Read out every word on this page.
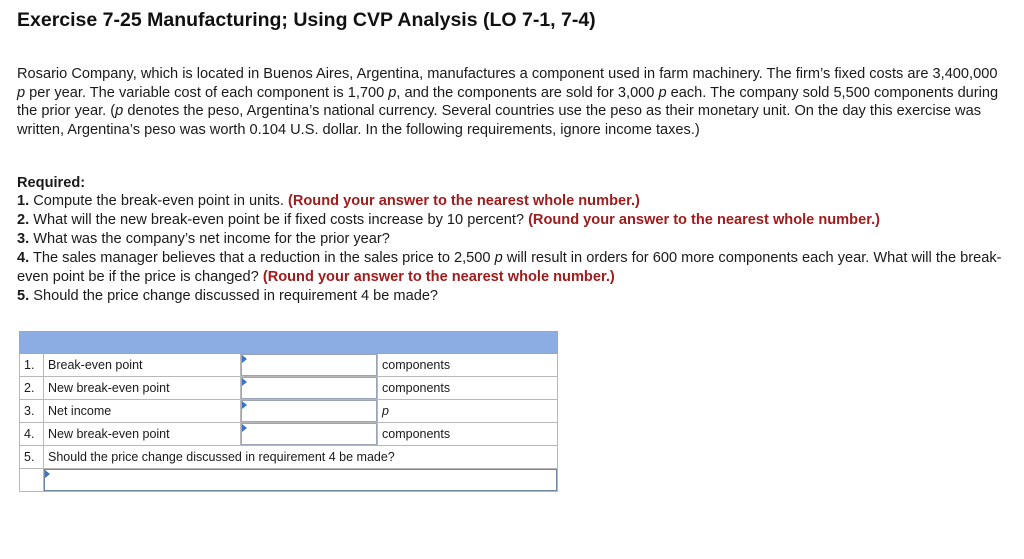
Exercise 7-25 Manufacturing; Using CVP Analysis (LO 7-1, 7-4)
Rosario Company, which is located in Buenos Aires, Argentina, manufactures a component used in farm machinery. The firm’s fixed costs are 3,400,000 p per year. The variable cost of each component is 1,700 p, and the components are sold for 3,000 p each. The company sold 5,500 components during the prior year. (p denotes the peso, Argentina’s national currency. Several countries use the peso as their monetary unit. On the day this exercise was written, Argentina’s peso was worth 0.104 U.S. dollar. In the following requirements, ignore income taxes.)
Required:
1. Compute the break-even point in units. (Round your answer to the nearest whole number.)
2. What will the new break-even point be if fixed costs increase by 10 percent? (Round your answer to the nearest whole number.)
3. What was the company’s net income for the prior year?
4. The sales manager believes that a reduction in the sales price to 2,500 p will result in orders for 600 more components each year. What will the break-even point be if the price is changed? (Round your answer to the nearest whole number.)
5. Should the price change discussed in requirement 4 be made?

1.	Break-even point		components
2.	New break-even point		components
3.	Net income		p
4.	New break-even point		components
5.	Should the price change discussed in requirement 4 be made?		
